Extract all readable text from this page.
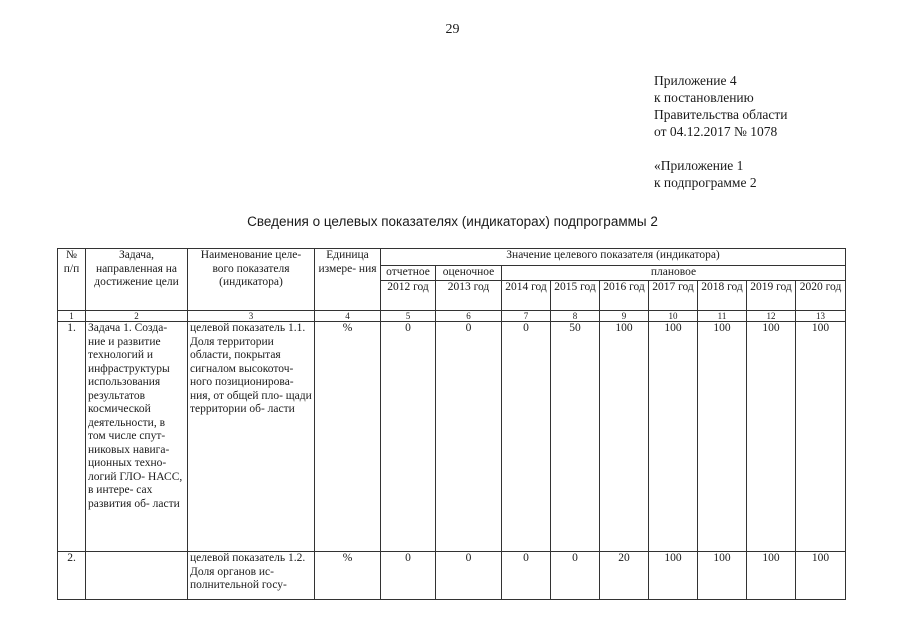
29
Приложение 4
к постановлению
Правительства области
от 04.12.2017 № 1078
«Приложение 1
к подпрограмме 2
Сведения о целевых показателях (индикаторах) подпрограммы 2
№ п/п	Задача, направленная на достижение цели	Наименование целе- вого показателя (индикатора)	Единица измере- ния	Значение целевого показателя (индикатора)								
				отчетное	оценочное	плановое						
				2012 год	2013 год	2014 год	2015 год	2016 год	2017 год	2018 год	2019 год	2020 год
1	2	3	4	5	6	7	8	9	10	11	12	13
1.	Задача 1. Созда- ние и развитие технологий и инфраструктуры использования результатов космической деятельности, в том числе спут- никовых навига- ционных техно- логий ГЛО- НАСС, в интере- сах развития об- ласти	целевой показатель 1.1. Доля территории области, покрытая сигналом высокоточ- ного позиционирова- ния, от общей пло- щади территории об- ласти	%	0	0	0	50	100	100	100	100	100
2.		целевой показатель 1.2. Доля органов ис- полнительной госу-	%	0	0	0	0	20	100	100	100	100
